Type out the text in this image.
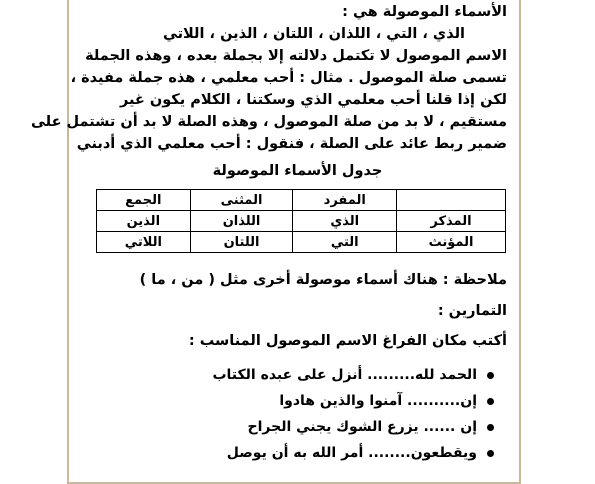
الأسماء الموصولة هي :
الذي ، التي ، اللذان ، اللتان ، الذين ، اللاتي
الاسم الموصول لا تكتمل دلالته إلا بجملة بعده ، وهذه الجملة
تسمى صلة الموصول . مثال : أحب معلمي ، هذه جملة مفيدة ،
لكن إذا قلنا أحب معلمي الذي وسكتنا ، الكلام يكون غير
مستقيم ، لا بد من صلة الموصول ، وهذه الصلة لا بد أن تشتمل على
ضمير ربط عائد على الصلة ، فنقول : أحب معلمي الذي أدبني
جدول الأسماء الموصولة
	المفرد	المثنى	الجمع
المذكر	الذي	اللذان	الذين
المؤنث	التي	اللتان	اللاتي
ملاحظة : هناك أسماء موصولة أخرى مثل ( من ، ما )
التمارين :
أكتب مكان الفراغ الاسم الموصول المناسب :
الحمد لله......... أنزل على عبده الكتاب
إن.......... آمنوا والذين هادوا
إن ...... يزرع الشوك يجني الجراح
ويقطعون........ أمر الله به أن يوصل
